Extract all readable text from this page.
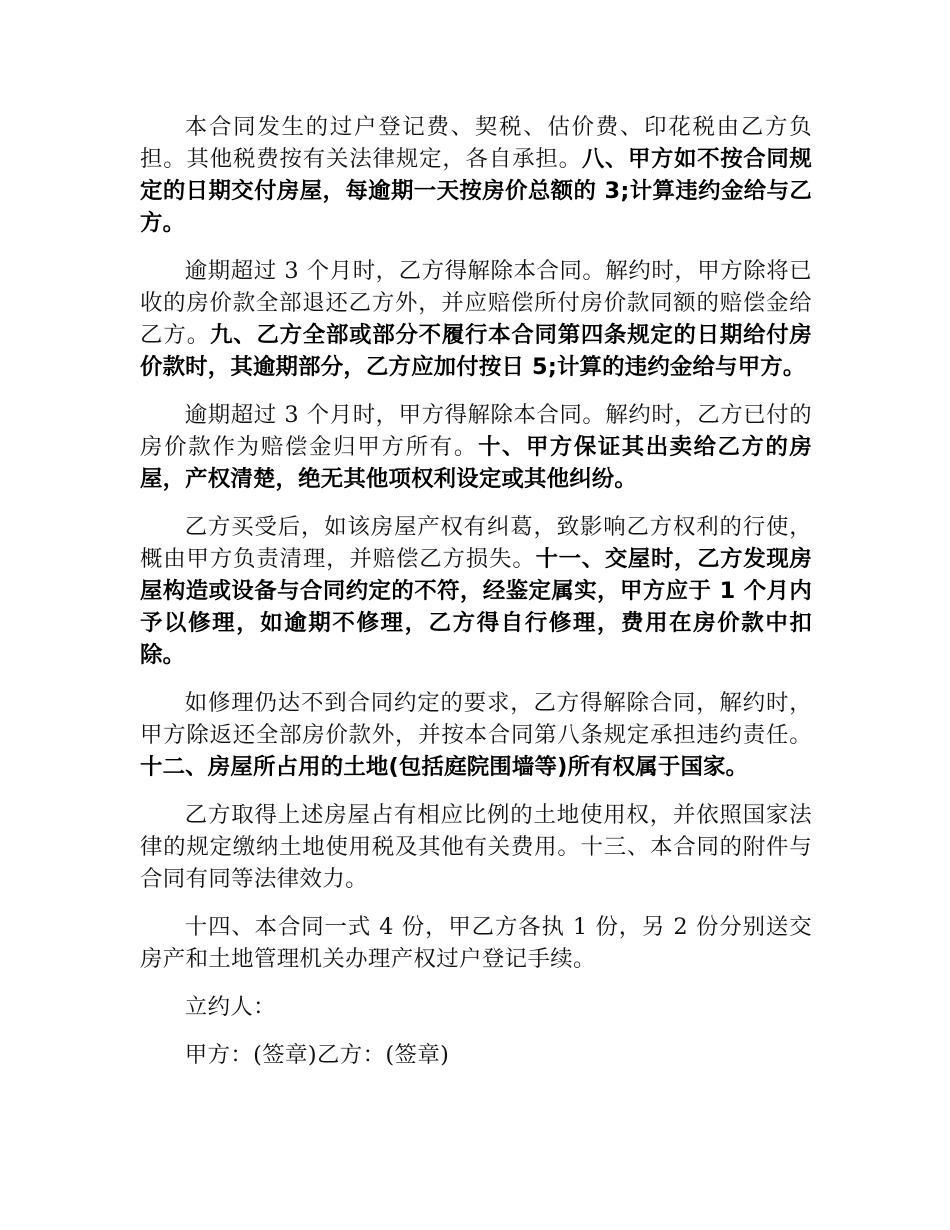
本合同发生的过户登记费、契税、估价费、印花税由乙方负担。其他税费按有关法律规定，各自承担。八、甲方如不按合同规定的日期交付房屋，每逾期一天按房价总额的 3;计算违约金给与乙方。

逾期超过 3 个月时，乙方得解除本合同。解约时，甲方除将已收的房价款全部退还乙方外，并应赔偿所付房价款同额的赔偿金给乙方。九、乙方全部或部分不履行本合同第四条规定的日期给付房价款时，其逾期部分，乙方应加付按日 5;计算的违约金给与甲方。

逾期超过 3 个月时，甲方得解除本合同。解约时，乙方已付的房价款作为赔偿金归甲方所有。十、甲方保证其出卖给乙方的房屋，产权清楚，绝无其他项权利设定或其他纠纷。

乙方买受后，如该房屋产权有纠葛，致影响乙方权利的行使，概由甲方负责清理，并赔偿乙方损失。十一、交屋时，乙方发现房屋构造或设备与合同约定的不符，经鉴定属实，甲方应于 1 个月内予以修理，如逾期不修理，乙方得自行修理，费用在房价款中扣除。

如修理仍达不到合同约定的要求，乙方得解除合同，解约时，甲方除返还全部房价款外，并按本合同第八条规定承担违约责任。十二、房屋所占用的土地(包括庭院围墙等)所有权属于国家。

乙方取得上述房屋占有相应比例的土地使用权，并依照国家法律的规定缴纳土地使用税及其他有关费用。十三、本合同的附件与合同有同等法律效力。

十四、本合同一式 4 份，甲乙方各执 1 份，另 2 份分别送交房产和土地管理机关办理产权过户登记手续。

立约人：

甲方：(签章)乙方：(签章)
